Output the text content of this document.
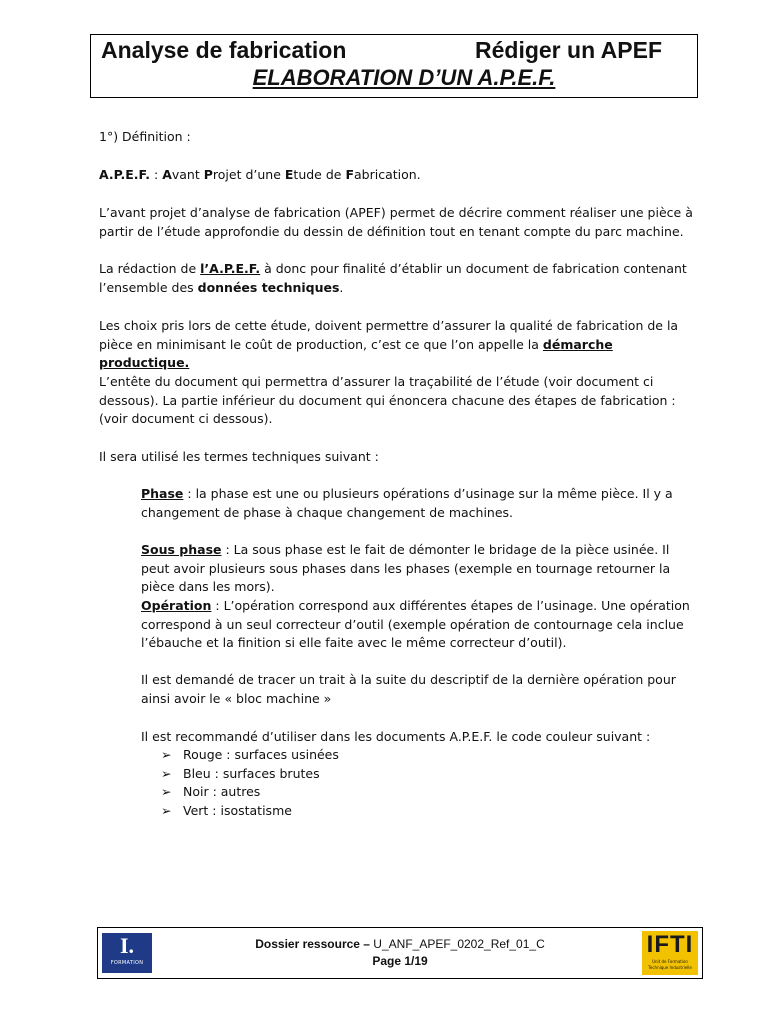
Analyse de fabrication	Rédiger un APEF
ELABORATION D’UN A.P.E.F.

1°) Définition :

A.P.E.F. : Avant Projet d’une Etude de Fabrication.

L’avant projet d’analyse de fabrication (APEF) permet de décrire comment réaliser une pièce à partir de l’étude approfondie du dessin de définition tout en tenant compte du parc machine.

La rédaction de l’A.P.E.F. à donc pour finalité d’établir un document de fabrication contenant l’ensemble des données techniques.

Les choix pris lors de cette étude, doivent permettre d’assurer la qualité de fabrication de la pièce en minimisant le coût de production, c’est ce que l’on appelle la démarche productique.

L’entête du document qui permettra d’assurer la traçabilité de l’étude (voir document ci dessous). La partie inférieur du document qui énoncera chacune des étapes de fabrication : (voir document ci dessous).

Il sera utilisé les termes techniques suivant :

Phase : la phase est une ou plusieurs opérations d’usinage sur la même pièce. Il y a changement de phase à chaque changement de machines.

Sous phase : La sous phase est le fait de démonter le bridage de la pièce usinée. Il peut avoir plusieurs sous phases dans les phases (exemple en tournage retourner la pièce dans les mors).

Opération : L’opération correspond aux différentes étapes de l’usinage. Une opération correspond à un seul correcteur d’outil (exemple opération de contournage cela inclue l’ébauche et la finition si elle faite avec le même correcteur d’outil).

Il est demandé de tracer un trait à la suite du descriptif de la dernière opération pour ainsi avoir le « bloc machine »

Il est recommandé d’utiliser dans les documents A.P.E.F. le code couleur suivant :

➢ Rouge : surfaces usinées
➢ Bleu : surfaces brutes
➢ Noir : autres
➢ Vert : isostatisme
I.
FORMATION
Dossier ressource – U_ANF_APEF_0202_Ref_01_C
Page 1/19
IFTI
Unit de Formation Technique Industrielle
